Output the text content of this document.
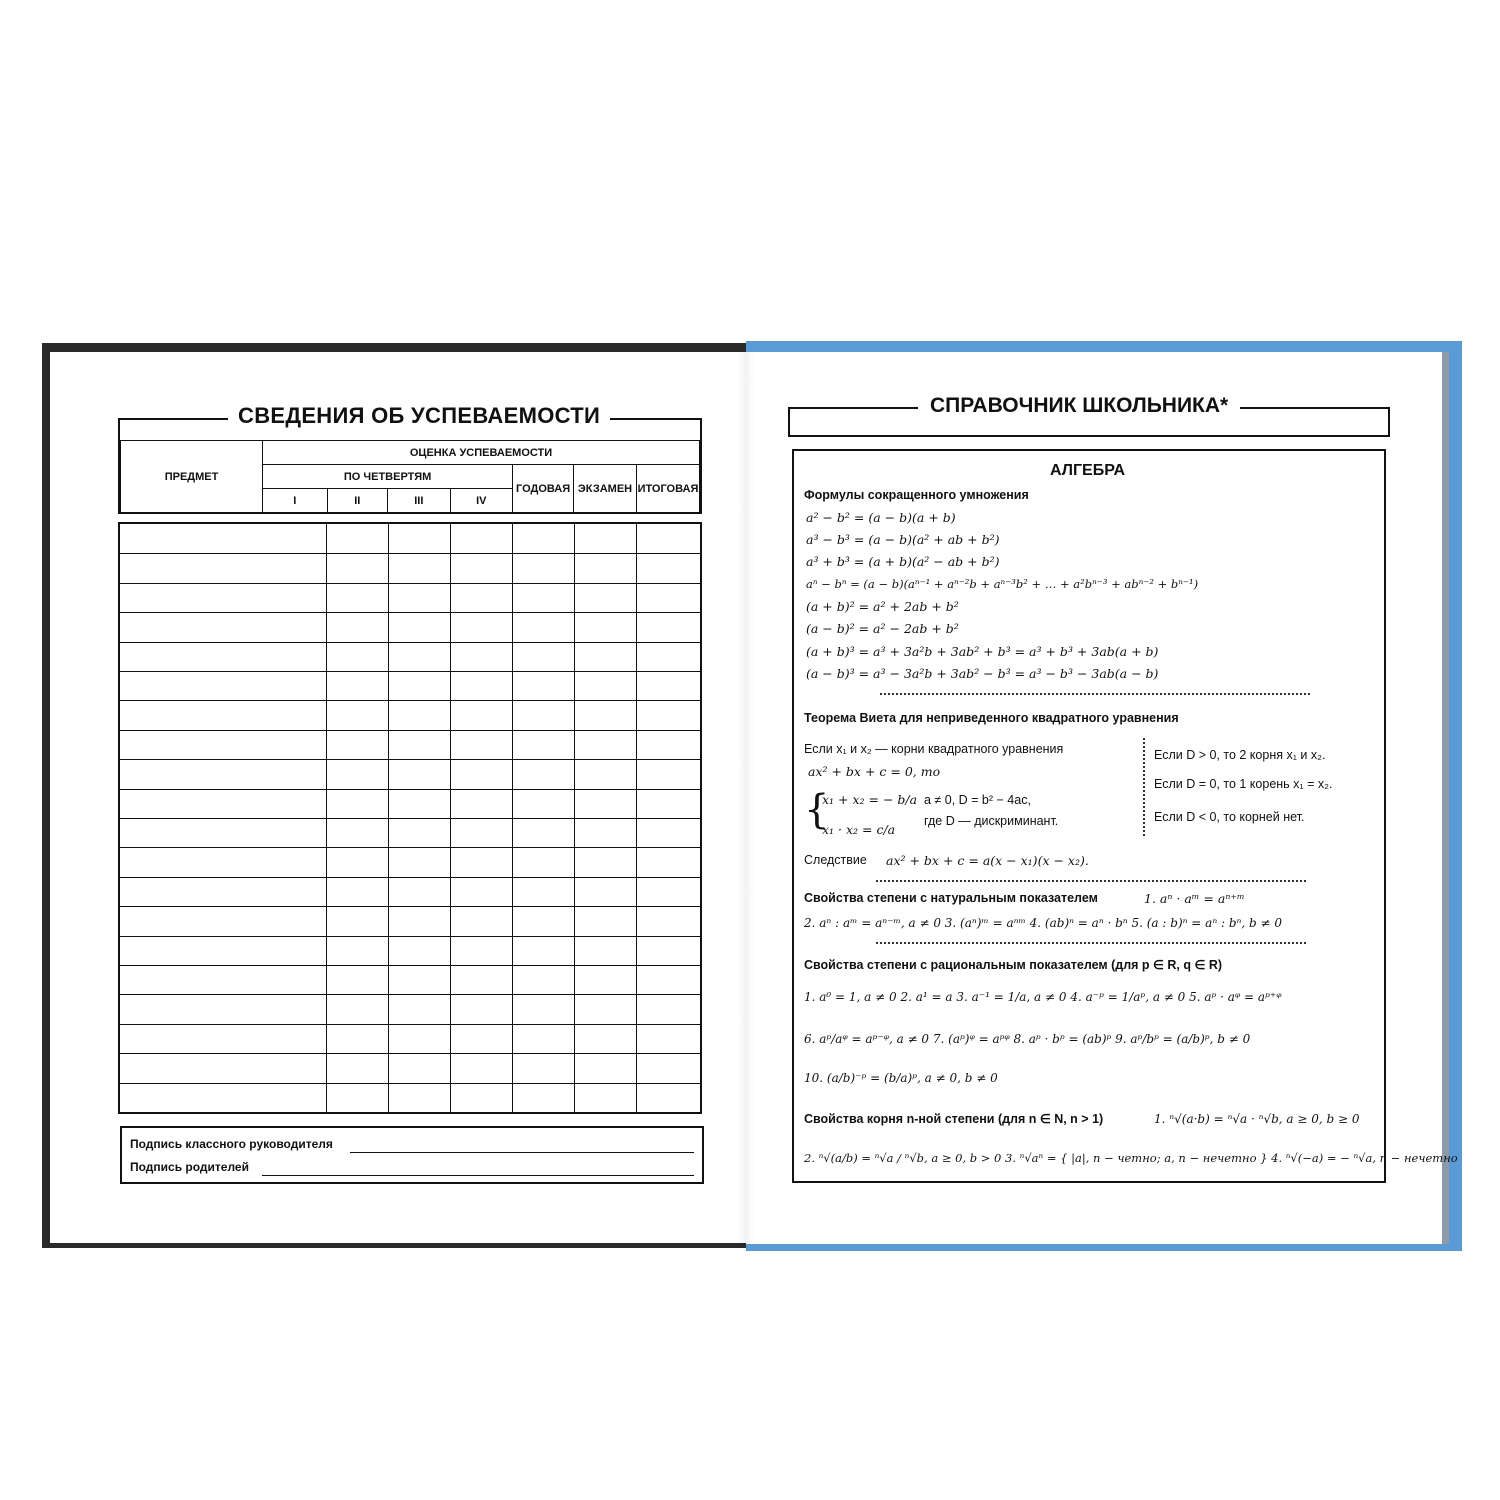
СВЕДЕНИЯ ОБ УСПЕВАЕМОСТИ
ПРЕДМЕТ	ОЦЕНКА УСПЕВАЕМОСТИ						
	ПО ЧЕТВЕРТЯМ				ГОДОВАЯ	ЭКЗАМЕН	ИТОГОВАЯ
	I	II	III	IV			
Подпись классного руководителя
Подпись родителей
СПРАВОЧНИК ШКОЛЬНИКА*
АЛГЕБРА
Формулы сокращенного умножения
a² − b² = (a − b)(a + b)
a³ − b³ = (a − b)(a² + ab + b²)
a³ + b³ = (a + b)(a² − ab + b²)
aⁿ − bⁿ = (a − b)(aⁿ⁻¹ + aⁿ⁻²b + aⁿ⁻³b² + … + a²bⁿ⁻³ + abⁿ⁻² + bⁿ⁻¹)
(a + b)² = a² + 2ab + b²
(a − b)² = a² − 2ab + b²
(a + b)³ = a³ + 3a²b + 3ab² + b³ = a³ + b³ + 3ab(a + b)
(a − b)³ = a³ − 3a²b + 3ab² − b³ = a³ − b³ − 3ab(a − b)
Теорема Виета для неприведенного квадратного уравнения
Если x₁ и x₂ — корни квадратного уравнения
ax² + bx + c = 0, то
{
x₁ + x₂ = − b/a
x₁ · x₂ = c/a
a ≠ 0, D = b² − 4ac,
где D — дискриминант.
Если D > 0, то 2 корня x₁ и x₂.
Если D = 0, то 1 корень x₁ = x₂.
Если D < 0, то корней нет.
Следствие ax² + bx + c = a(x − x₁)(x − x₂).
Свойства степени с натуральным показателем	1. aⁿ · aᵐ = aⁿ⁺ᵐ
2. aⁿ : aᵐ = aⁿ⁻ᵐ, a ≠ 0 3. (aⁿ)ᵐ = aⁿᵐ 4. (ab)ⁿ = aⁿ · bⁿ 5. (a : b)ⁿ = aⁿ : bⁿ, b ≠ 0
Свойства степени с рациональным показателем (для p ∈ R, q ∈ R)
1. a⁰ = 1, a ≠ 0 2. a¹ = a 3. a⁻¹ = 1/a, a ≠ 0 4. a⁻ᵖ = 1/aᵖ, a ≠ 0 5. aᵖ · aᵠ = aᵖ⁺ᵠ
6. aᵖ/aᵠ = aᵖ⁻ᵠ, a ≠ 0 7. (aᵖ)ᵠ = aᵖᵠ 8. aᵖ · bᵖ = (ab)ᵖ 9. aᵖ/bᵖ = (a/b)ᵖ, b ≠ 0
10. (a/b)⁻ᵖ = (b/a)ᵖ, a ≠ 0, b ≠ 0
Свойства корня n-ной степени (для n ∈ N, n > 1)	1. ⁿ√(a·b) = ⁿ√a · ⁿ√b, a ≥ 0, b ≥ 0
2. ⁿ√(a/b) = ⁿ√a / ⁿ√b, a ≥ 0, b > 0 3. ⁿ√aⁿ = { |a|, n − четно; a, n − нечетно } 4. ⁿ√(−a) = − ⁿ√a, n − нечетно
